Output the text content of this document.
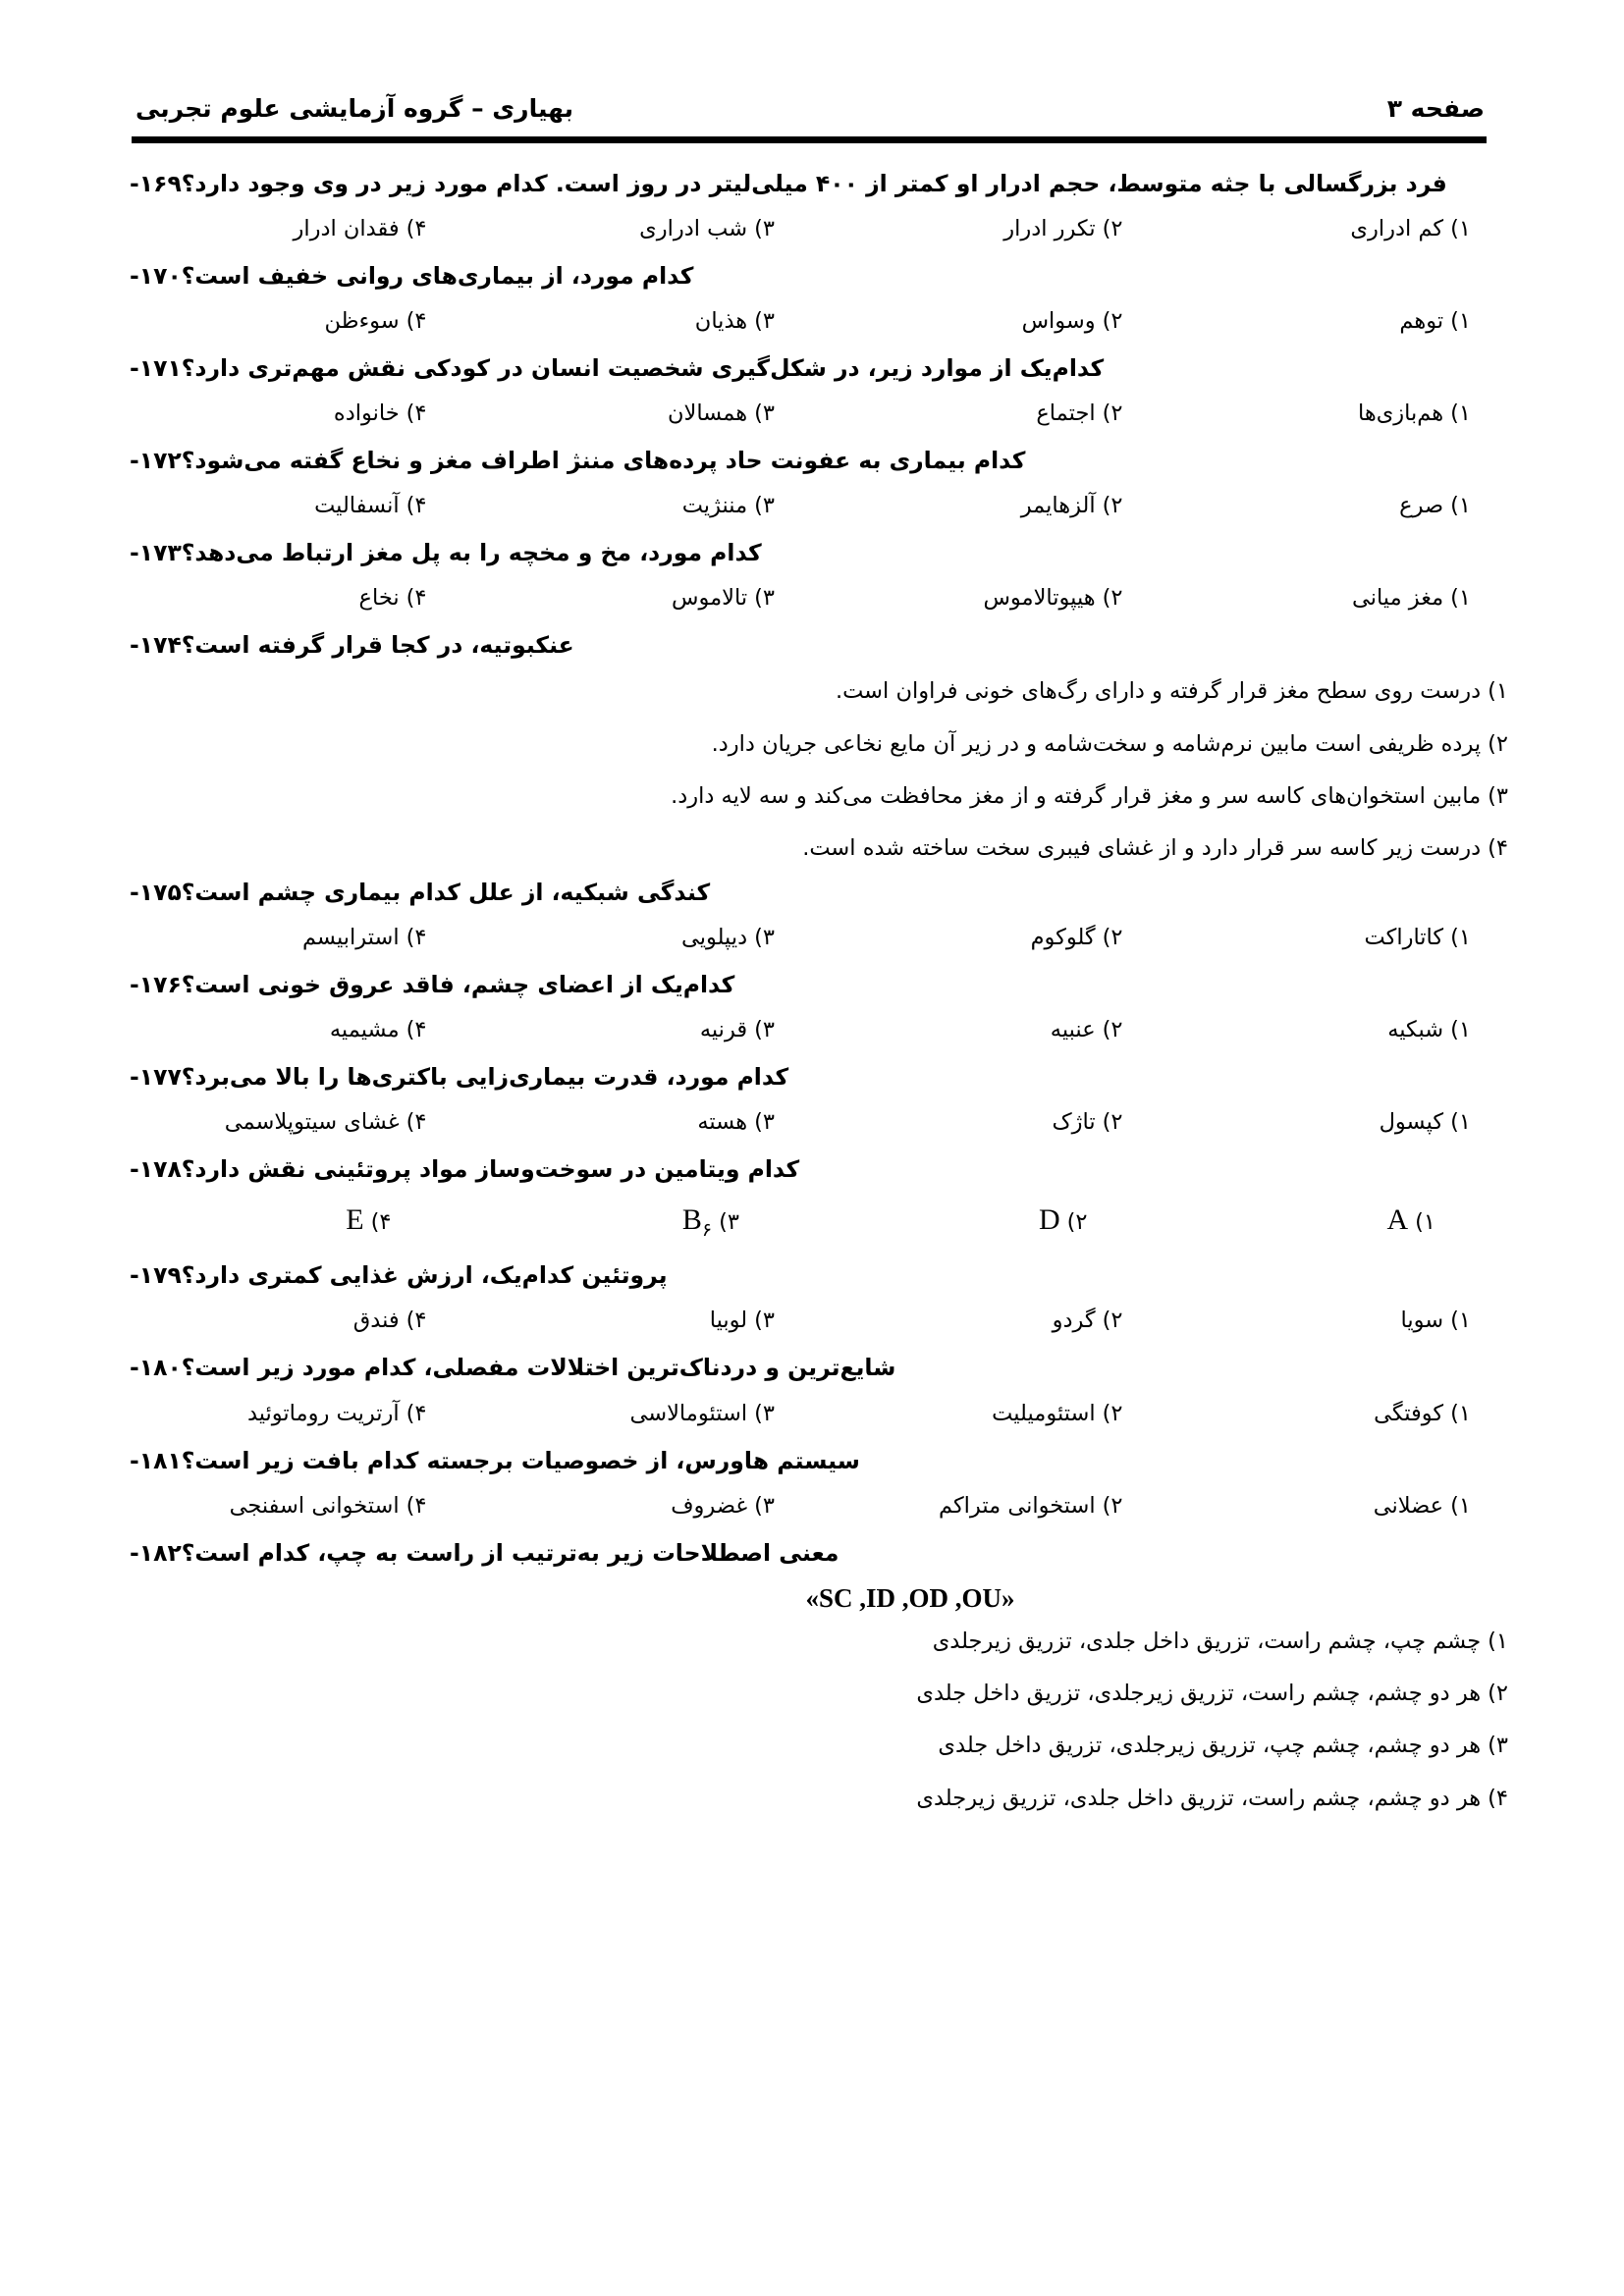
بهیاری – گروه آزمایشی علوم تجربی	صفحه ۳
۱۶۹- فرد بزرگسالی با جثه متوسط، حجم ادرار او کمتر از ۴۰۰ میلی‌لیتر در روز است. کدام مورد زیر در وی وجود دارد؟
۱)کم ادراری
۲)تکرر ادرار
۳)شب ادراری
۴)فقدان ادرار
۱۷۰- کدام مورد، از بیماری‌های روانی خفیف است؟
۱)توهم
۲)وسواس
۳)هذیان
۴)سوءظن
۱۷۱- کدام‌یک از موارد زیر، در شکل‌گیری شخصیت انسان در کودکی نقش مهم‌تری دارد؟
۱)هم‌بازی‌ها
۲)اجتماع
۳)همسالان
۴)خانواده
۱۷۲- کدام بیماری به عفونت حاد پرده‌های مننژ اطراف مغز و نخاع گفته می‌شود؟
۱)صرع
۲)آلزهایمر
۳)مننژیت
۴)آنسفالیت
۱۷۳- کدام مورد، مخ و مخچه را به پل مغز ارتباط می‌دهد؟
۱)مغز میانی
۲)هیپوتالاموس
۳)تالاموس
۴)نخاع
۱۷۴- عنکبوتیه، در کجا قرار گرفته است؟
۱)درست روی سطح مغز قرار گرفته و دارای رگ‌های خونی فراوان است.
۲)پرده ظریفی است مابین نرم‌شامه و سخت‌شامه و در زیر آن مایع نخاعی جریان دارد.
۳)مابین استخوان‌های کاسه سر و مغز قرار گرفته و از مغز محافظت می‌کند و سه لایه دارد.
۴)درست زیر کاسه سر قرار دارد و از غشای فیبری سخت ساخته شده است.
۱۷۵- کندگی شبکیه، از علل کدام بیماری چشم است؟
۱)کاتاراکت
۲)گلوکوم
۳)دیپلویی
۴)استرابیسم
۱۷۶- کدام‌یک از اعضای چشم، فاقد عروق خونی است؟
۱)شبکیه
۲)عنبیه
۳)قرنیه
۴)مشیمیه
۱۷۷- کدام مورد، قدرت بیماری‌زایی باکتری‌ها را بالا می‌برد؟
۱)کپسول
۲)تاژک
۳)هسته
۴)غشای سیتوپلاسمی
۱۷۸- کدام ویتامین در سوخت‌وساز مواد پروتئینی نقش دارد؟
۱)A
۲)D
$۳)B_۶$
۴)E
۱۷۹- پروتئین کدام‌یک، ارزش غذایی کمتری دارد؟
۱)سویا
۲)گردو
۳)لوبیا
۴)فندق
۱۸۰- شایع‌ترین و دردناک‌ترین اختلالات مفصلی، کدام مورد زیر است؟
۱)کوفتگی
۲)استئومیلیت
۳)استئومالاسی
۴)آرتریت روماتوئید
۱۸۱- سیستم هاورس، از خصوصیات برجسته کدام بافت زیر است؟
۱)عضلانی
۲)استخوانی متراکم
۳)غضروف
۴)استخوانی اسفنجی
۱۸۲- معنی اصطلاحات زیر به‌ترتیب از راست به چپ، کدام است؟
«SC ,ID ,OD ,OU»
۱)چشم چپ، چشم راست، تزریق داخل جلدی، تزریق زیرجلدی
۲)هر دو چشم، چشم راست، تزریق زیرجلدی، تزریق داخل جلدی
۳)هر دو چشم، چشم چپ، تزریق زیرجلدی، تزریق داخل جلدی
۴)هر دو چشم، چشم راست، تزریق داخل جلدی، تزریق زیرجلدی
